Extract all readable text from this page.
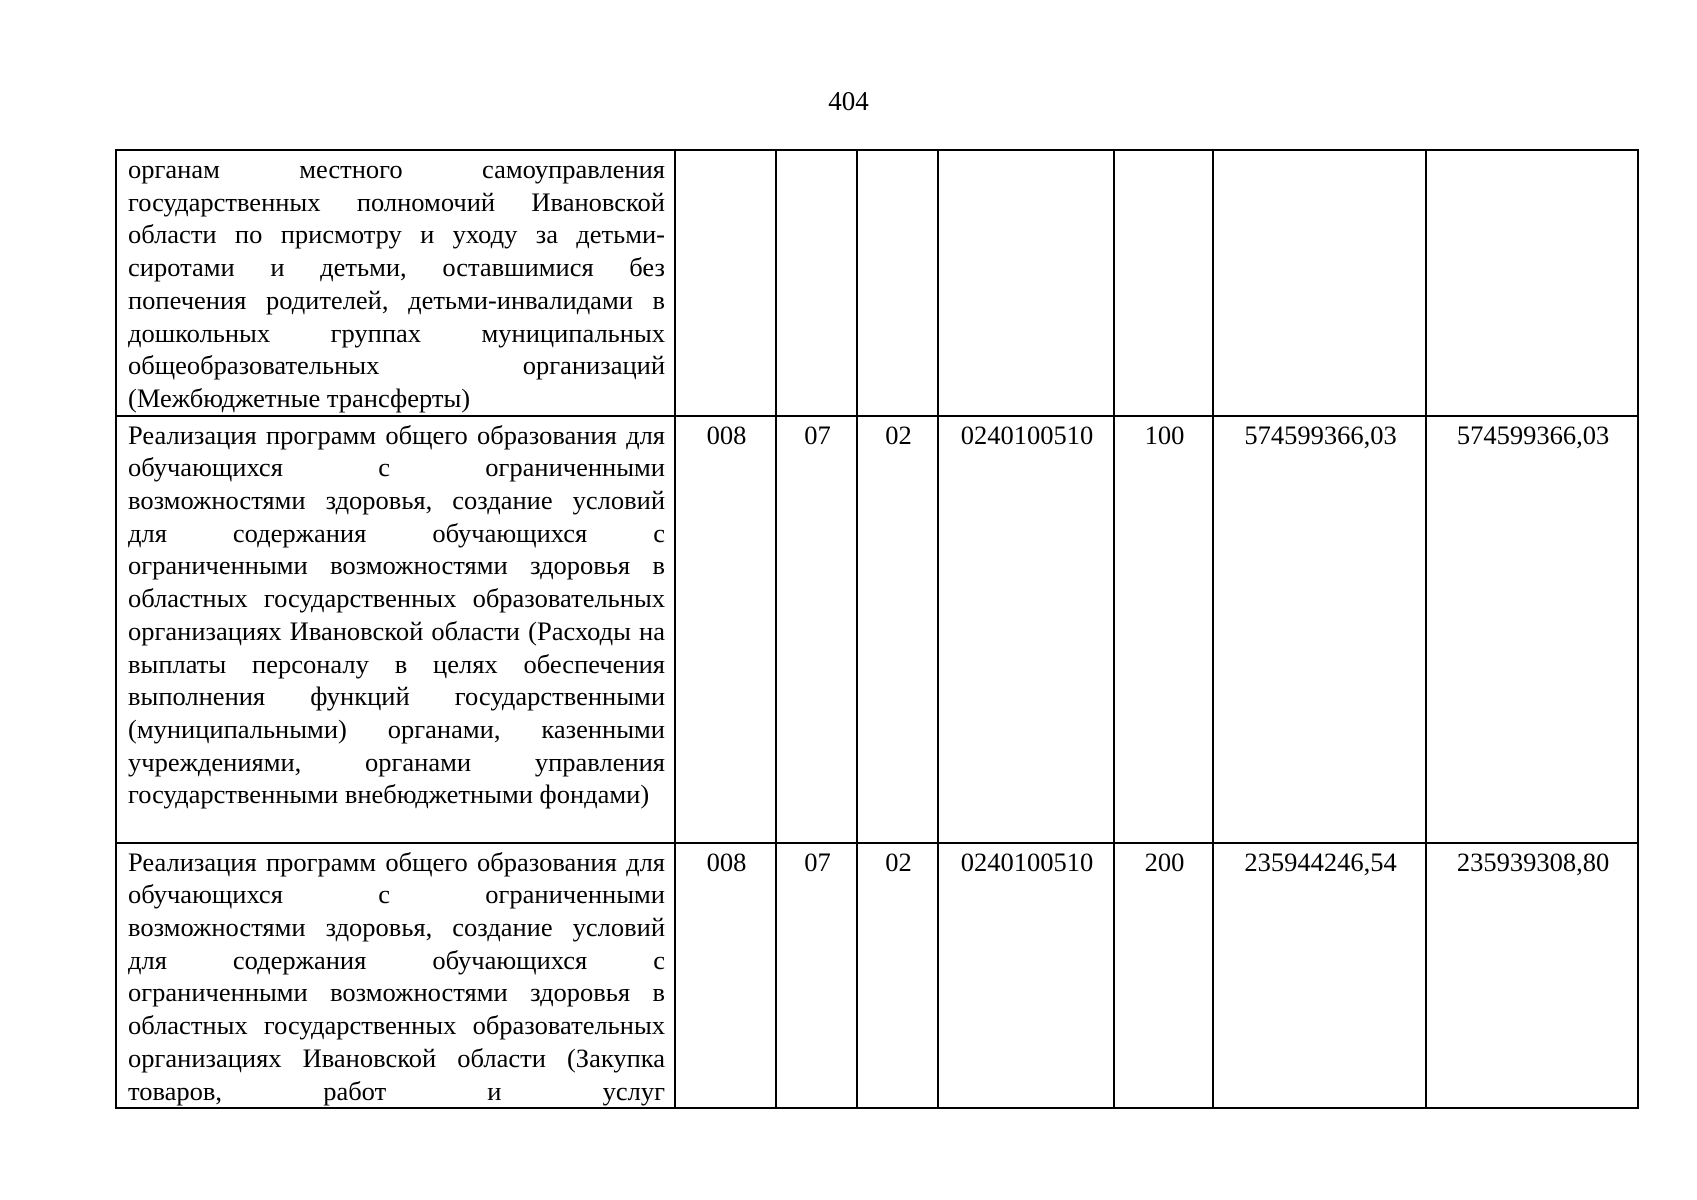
404
органам местного самоуправления государственных полномочий Ивановской области по присмотру и уходу за детьми-сиротами и детьми, оставшимися без попечения родителей, детьми-инвалидами в дошкольных группах муниципальных общеобразовательных организаций (Межбюджетные трансферты)							
Реализация программ общего образования для обучающихся с ограниченными возможностями здоровья, создание условий для содержания обучающихся с ограниченными возможностями здоровья в областных государственных образовательных организациях Ивановской области (Расходы на выплаты персоналу в целях обеспечения выполнения функций государственными (муниципальными) органами, казенными учреждениями, органами управления государственными внебюджетными фондами)	008	07	02	0240100510	100	574599366,03	574599366,03
Реализация программ общего образования для обучающихся с ограниченными возможностями здоровья, создание условий для содержания обучающихся с ограниченными возможностями здоровья в областных государственных образовательных организациях Ивановской области (Закупка товаров, работ и услуг	008	07	02	0240100510	200	235944246,54	235939308,80
